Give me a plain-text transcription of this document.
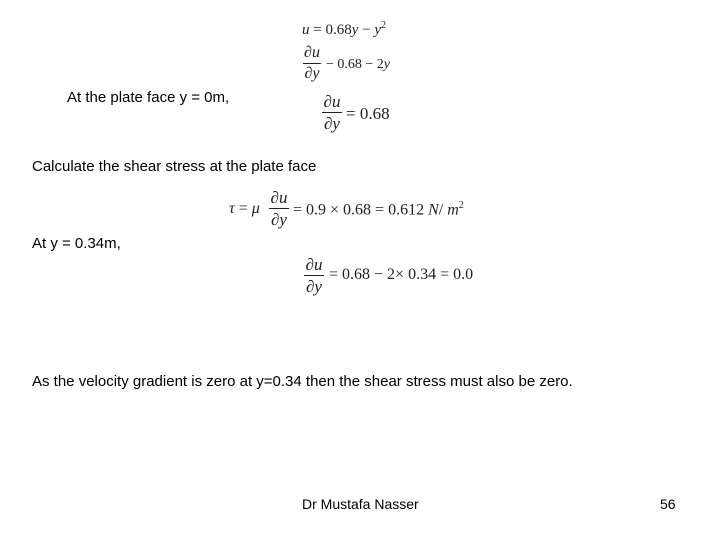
$u = 0.68y - y^2$
∂u
∂y
− 0.68 − 2y
At the plate face y = 0m,	∂u
∂y
= 0.68
Calculate the shear stress at the plate face
τ = μ
∂u
∂y
= 0.9 × 0.68 = 0.612 N/ $m^2$
At y = 0.34m,
∂u
∂y
= 0.68 − 2× 0.34 = 0.0
As the velocity gradient is zero at y=0.34 then the shear stress must also be zero.
Dr Mustafa Nasser	56
